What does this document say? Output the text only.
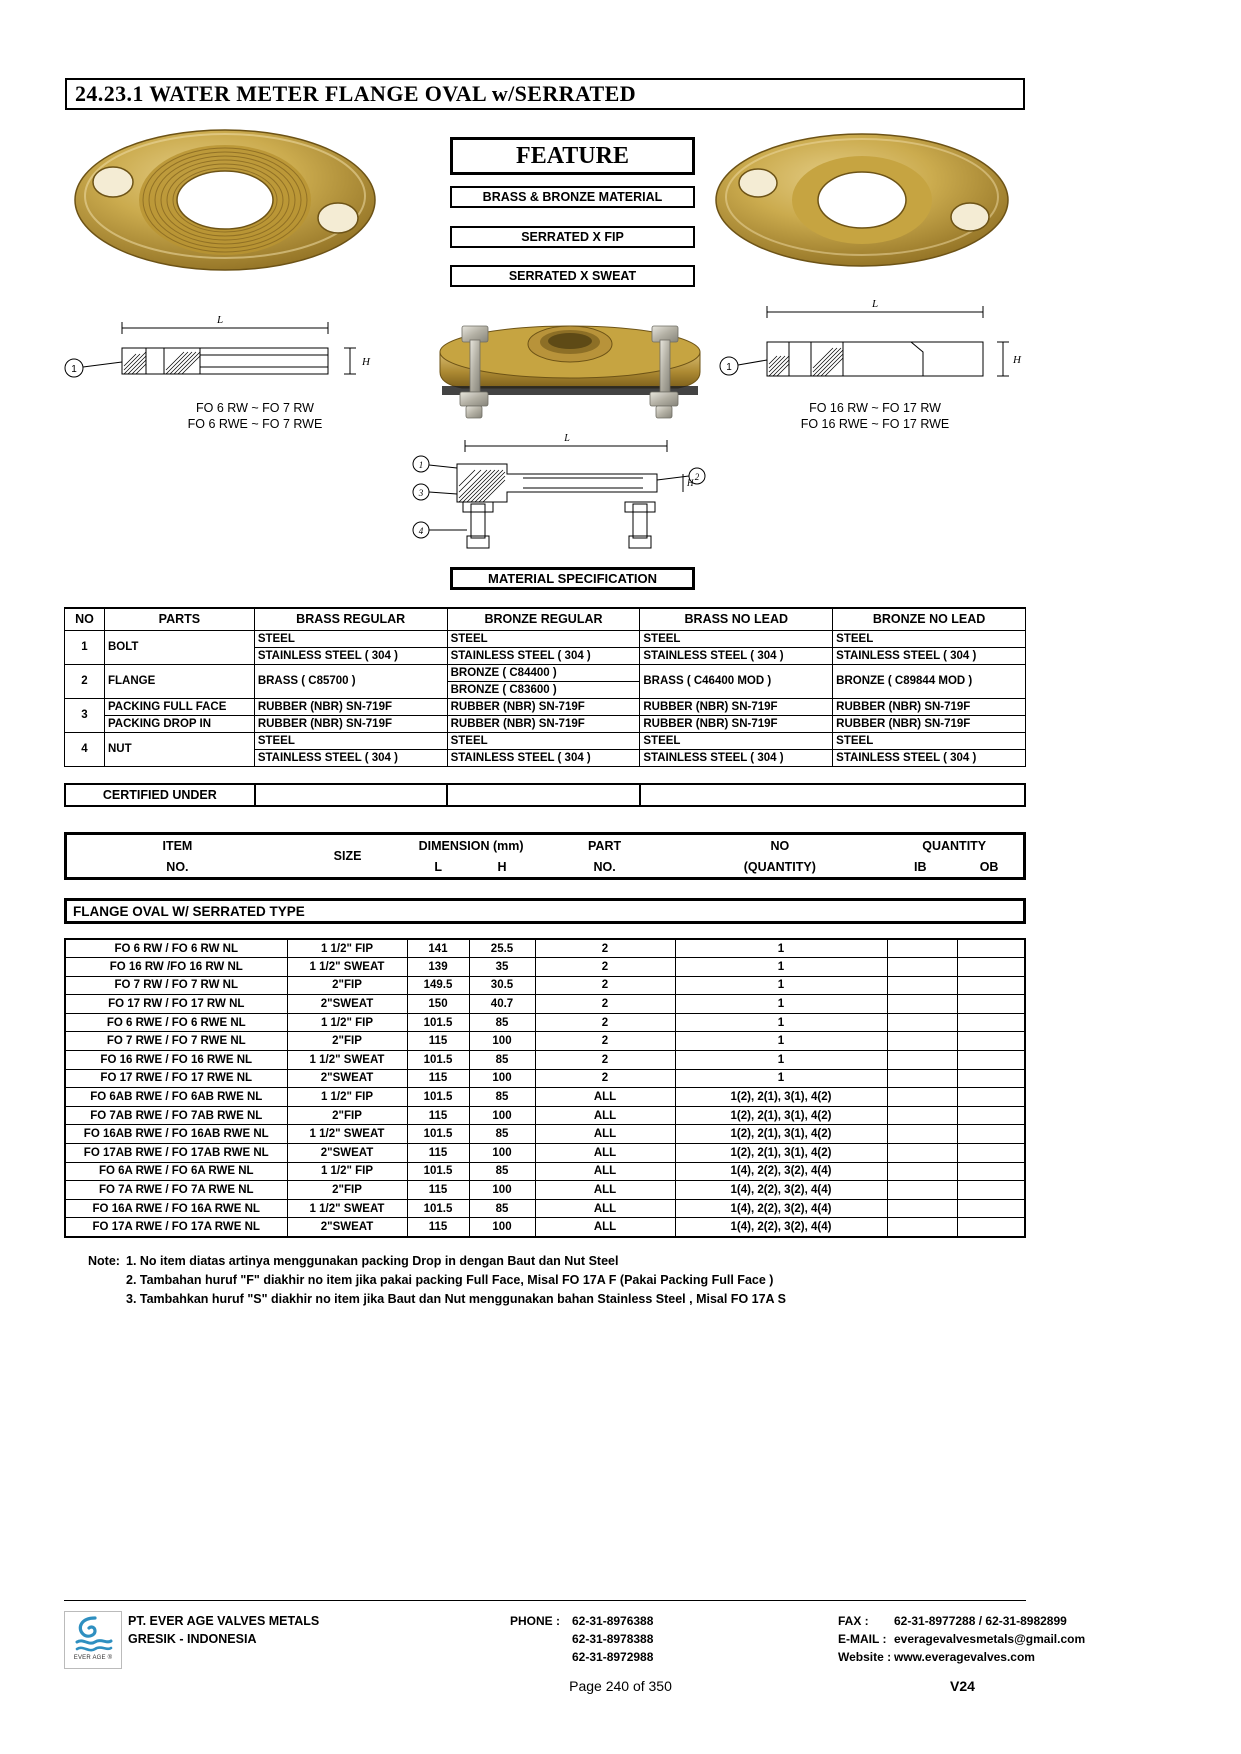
24.23.1 WATER METER FLANGE OVAL w/SERRATED
FEATURE
BRASS & BRONZE MATERIAL
SERRATED X FIP
SERRATED X SWEAT
L
H
1
FO 6 RW ~ FO 7 RW
FO 6 RWE ~ FO 7 RWE
L
H
1
FO 16 RW ~ FO 17 RW
FO 16 RWE ~ FO 17 RWE
L
H
1
2
3
4
MATERIAL SPECIFICATION
NO	PARTS	BRASS REGULAR	BRONZE REGULAR	BRASS NO LEAD	BRONZE NO LEAD
1	BOLT	STEEL	STEEL	STEEL	STEEL
		STAINLESS STEEL ( 304 )	STAINLESS STEEL ( 304 )	STAINLESS STEEL ( 304 )	STAINLESS STEEL ( 304 )
2	FLANGE	BRASS ( C85700 )	BRONZE ( C84400 )	BRASS ( C46400 MOD )	BRONZE ( C89844 MOD )
			BRONZE ( C83600 )		
3	PACKING FULL FACE	RUBBER (NBR) SN-719F	RUBBER (NBR) SN-719F	RUBBER (NBR) SN-719F	RUBBER (NBR) SN-719F
	PACKING DROP IN	RUBBER (NBR) SN-719F	RUBBER (NBR) SN-719F	RUBBER (NBR) SN-719F	RUBBER (NBR) SN-719F
4	NUT	STEEL	STEEL	STEEL	STEEL
		STAINLESS STEEL ( 304 )	STAINLESS STEEL ( 304 )	STAINLESS STEEL ( 304 )	STAINLESS STEEL ( 304 )
CERTIFIED UNDER			
ITEM	SIZE	DIMENSION (mm)		PART	NO	QUANTITY	
NO.		L	H	NO.	(QUANTITY)	IB	OB
FLANGE OVAL W/ SERRATED TYPE
FO 6 RW / FO 6 RW NL	1 1/2" FIP	141	25.5	2	1		
FO 16 RW /FO 16 RW NL	1 1/2" SWEAT	139	35	2	1		
FO 7 RW / FO 7 RW NL	2"FIP	149.5	30.5	2	1		
FO 17 RW / FO 17 RW NL	2"SWEAT	150	40.7	2	1		
FO 6 RWE / FO 6 RWE NL	1 1/2" FIP	101.5	85	2	1		
FO 7 RWE / FO 7 RWE NL	2"FIP	115	100	2	1		
FO 16 RWE / FO 16 RWE NL	1 1/2" SWEAT	101.5	85	2	1		
FO 17 RWE / FO 17 RWE NL	2"SWEAT	115	100	2	1		
FO 6AB RWE / FO 6AB RWE NL	1 1/2" FIP	101.5	85	ALL	1(2), 2(1), 3(1), 4(2)		
FO 7AB RWE / FO 7AB RWE NL	2"FIP	115	100	ALL	1(2), 2(1), 3(1), 4(2)		
FO 16AB RWE / FO 16AB RWE NL	1 1/2" SWEAT	101.5	85	ALL	1(2), 2(1), 3(1), 4(2)		
FO 17AB RWE / FO 17AB RWE NL	2"SWEAT	115	100	ALL	1(2), 2(1), 3(1), 4(2)		
FO 6A RWE / FO 6A RWE NL	1 1/2" FIP	101.5	85	ALL	1(4), 2(2), 3(2), 4(4)		
FO 7A RWE / FO 7A RWE NL	2"FIP	115	100	ALL	1(4), 2(2), 3(2), 4(4)		
FO 16A RWE / FO 16A RWE NL	1 1/2" SWEAT	101.5	85	ALL	1(4), 2(2), 3(2), 4(4)		
FO 17A RWE / FO 17A RWE NL	2"SWEAT	115	100	ALL	1(4), 2(2), 3(2), 4(4)		
Note: 1. No item diatas artinya menggunakan packing Drop in dengan Baut dan Nut Steel
2. Tambahan huruf "F" diakhir no item jika pakai packing Full Face, Misal FO 17A F (Pakai Packing Full Face )
3. Tambahkan huruf "S" diakhir no item jika Baut dan Nut menggunakan bahan Stainless Steel , Misal FO 17A S
EVER AGE ®
PT. EVER AGE VALVES METALS
GRESIK - INDONESIA
PHONE : 62-31-8976388
62-31-8978388
62-31-8972988
FAX : 62-31-8977288 / 62-31-8982899
E-MAIL : everagevalvesmetals@gmail.com
Website : www.everagevalves.com
Page 240 of 350	V24
